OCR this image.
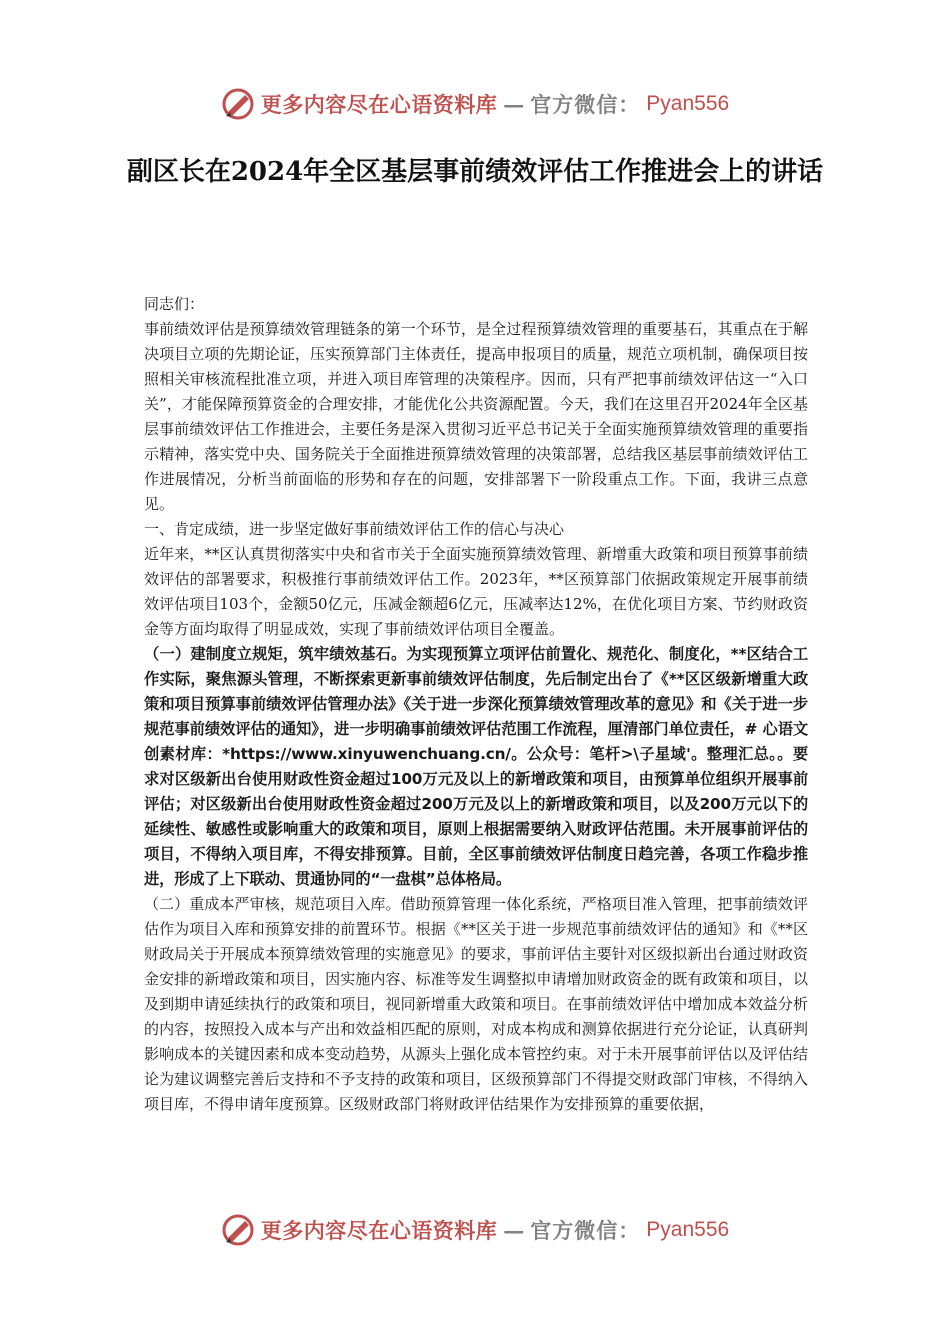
更多内容尽在心语资料库 — 官方微信： Pyan556
副区长在2024年全区基层事前绩效评估工作推进会上的讲话

同志们：

事前绩效评估是预算绩效管理链条的第一个环节，是全过程预算绩效管理的重要基石，其重点在于解决项目立项的先期论证，压实预算部门主体责任，提高申报项目的质量，规范立项机制，确保项目按照相关审核流程批准立项，并进入项目库管理的决策程序。因而，只有严把事前绩效评估这一“入口关”，才能保障预算资金的合理安排，才能优化公共资源配置。今天，我们在这里召开2024年全区基层事前绩效评估工作推进会，主要任务是深入贯彻习近平总书记关于全面实施预算绩效管理的重要指示精神，落实党中央、国务院关于全面推进预算绩效管理的决策部署，总结我区基层事前绩效评估工作进展情况，分析当前面临的形势和存在的问题，安排部署下一阶段重点工作。下面，我讲三点意见。

一、肯定成绩，进一步坚定做好事前绩效评估工作的信心与决心

近年来，**区认真贯彻落实中央和省市关于全面实施预算绩效管理、新增重大政策和项目预算事前绩效评估的部署要求，积极推行事前绩效评估工作。2023年，**区预算部门依据政策规定开展事前绩效评估项目103个，金额50亿元，压减金额超6亿元，压减率达12%，在优化项目方案、节约财政资金等方面均取得了明显成效，实现了事前绩效评估项目全覆盖。

（一）建制度立规矩，筑牢绩效基石。为实现预算立项评估前置化、规范化、制度化，**区结合工作实际，聚焦源头管理，不断探索更新事前绩效评估制度，先后制定出台了《**区区级新增重大政策和项目预算事前绩效评估管理办法》《关于进一步深化预算绩效管理改革的意见》和《关于进一步规范事前绩效评估的通知》，进一步明确事前绩效评估范围工作流程，厘清部门单位责任，# 心语文创素材库：*https://www.xinyuwenchuang.cn/。公众号：笔杆>\子星域'。整理汇总。。要求对区级新出台使用财政性资金超过100万元及以上的新增政策和项目，由预算单位组织开展事前评估；对区级新出台使用财政性资金超过200万元及以上的新增政策和项目，以及200万元以下的延续性、敏感性或影响重大的政策和项目，原则上根据需要纳入财政评估范围。未开展事前评估的项目，不得纳入项目库，不得安排预算。目前，全区事前绩效评估制度日趋完善，各项工作稳步推进，形成了上下联动、贯通协同的“一盘棋”总体格局。

（二）重成本严审核，规范项目入库。借助预算管理一体化系统，严格项目准入管理，把事前绩效评估作为项目入库和预算安排的前置环节。根据《**区关于进一步规范事前绩效评估的通知》和《**区财政局关于开展成本预算绩效管理的实施意见》的要求，事前评估主要针对区级拟新出台通过财政资金安排的新增政策和项目，因实施内容、标准等发生调整拟申请增加财政资金的既有政策和项目，以及到期申请延续执行的政策和项目，视同新增重大政策和项目。在事前绩效评估中增加成本效益分析的内容，按照投入成本与产出和效益相匹配的原则，对成本构成和测算依据进行充分论证，认真研判影响成本的关键因素和成本变动趋势，从源头上强化成本管控约束。对于未开展事前评估以及评估结论为建议调整完善后支持和不予支持的政策和项目，区级预算部门不得提交财政部门审核，不得纳入项目库，不得申请年度预算。区级财政部门将财政评估结果作为安排预算的重要依据，

更多内容尽在心语资料库 — 官方微信： Pyan556
